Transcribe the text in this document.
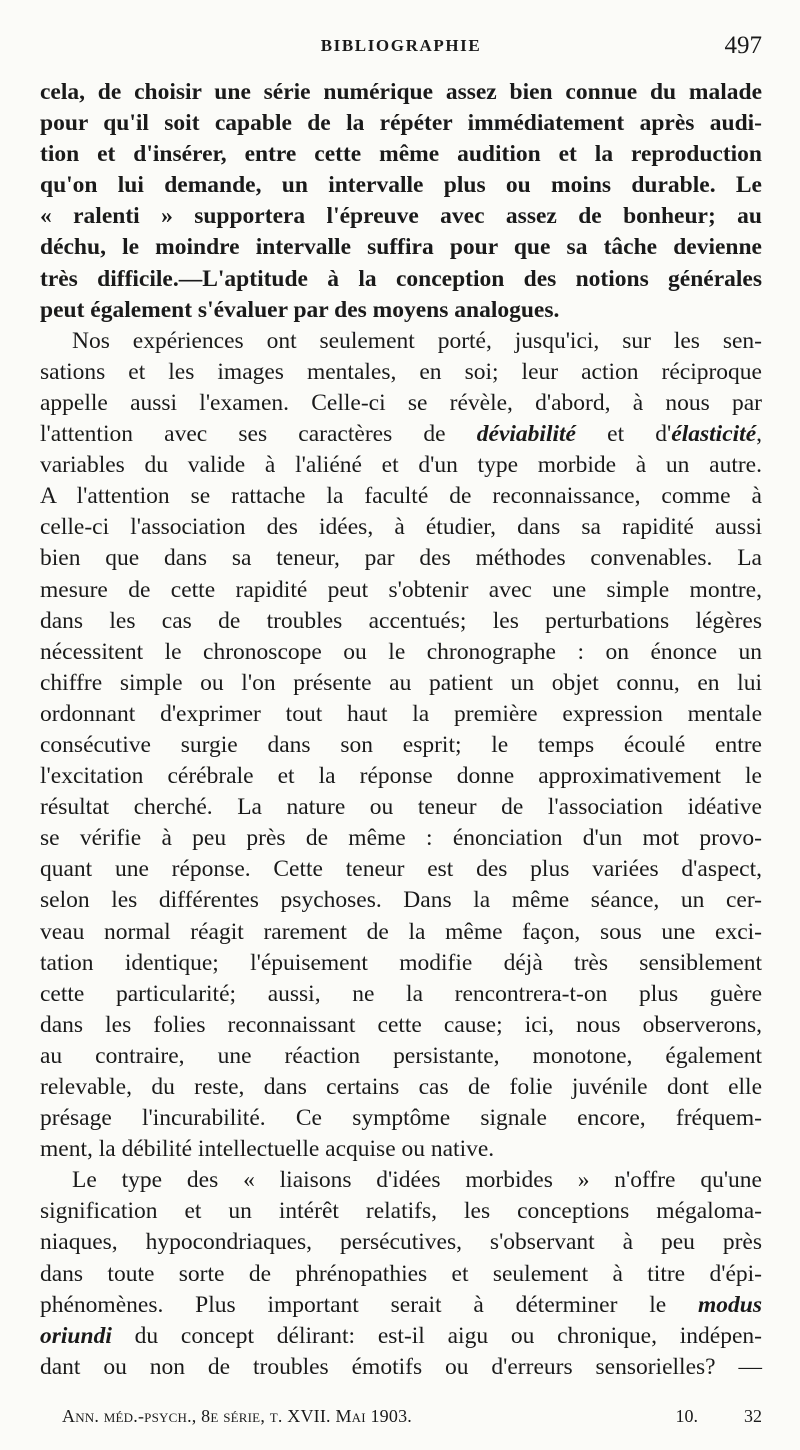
BIBLIOGRAPHIE	497
cela, de choisir une série numérique assez bien connue du malade
pour qu'il soit capable de la répéter immédiatement après audi-
tion et d'insérer, entre cette même audition et la reproduction
qu'on lui demande, un intervalle plus ou moins durable. Le
« ralenti » supportera l'épreuve avec assez de bonheur; au
déchu, le moindre intervalle suffira pour que sa tâche devienne
très difficile.—L'aptitude à la conception des notions générales
peut également s'évaluer par des moyens analogues.
Nos expériences ont seulement porté, jusqu'ici, sur les sen-
sations et les images mentales, en soi; leur action réciproque
appelle aussi l'examen. Celle-ci se révèle, d'abord, à nous par
l'attention avec ses caractères de déviabilité et d'élasticité,
variables du valide à l'aliéné et d'un type morbide à un autre.
A l'attention se rattache la faculté de reconnaissance, comme à
celle-ci l'association des idées, à étudier, dans sa rapidité aussi
bien que dans sa teneur, par des méthodes convenables. La
mesure de cette rapidité peut s'obtenir avec une simple montre,
dans les cas de troubles accentués; les perturbations légères
nécessitent le chronoscope ou le chronographe : on énonce un
chiffre simple ou l'on présente au patient un objet connu, en lui
ordonnant d'exprimer tout haut la première expression mentale
consécutive surgie dans son esprit; le temps écoulé entre
l'excitation cérébrale et la réponse donne approximativement le
résultat cherché. La nature ou teneur de l'association idéative
se vérifie à peu près de même : énonciation d'un mot provo-
quant une réponse. Cette teneur est des plus variées d'aspect,
selon les différentes psychoses. Dans la même séance, un cer-
veau normal réagit rarement de la même façon, sous une exci-
tation identique; l'épuisement modifie déjà très sensiblement
cette particularité; aussi, ne la rencontrera-t-on plus guère
dans les folies reconnaissant cette cause; ici, nous observerons,
au contraire, une réaction persistante, monotone, également
relevable, du reste, dans certains cas de folie juvénile dont elle
présage l'incurabilité. Ce symptôme signale encore, fréquem-
ment, la débilité intellectuelle acquise ou native.
Le type des « liaisons d'idées morbides » n'offre qu'une
signification et un intérêt relatifs, les conceptions mégaloma-
niaques, hypocondriaques, persécutives, s'observant à peu près
dans toute sorte de phrénopathies et seulement à titre d'épi-
phénomènes. Plus important serait à déterminer le modus
oriundi du concept délirant: est-il aigu ou chronique, indépen-
dant ou non de troubles émotifs ou d'erreurs sensorielles? —
Ann. méd.-psych., 8e série, t. XVII. Mai 1903.	10.	32
